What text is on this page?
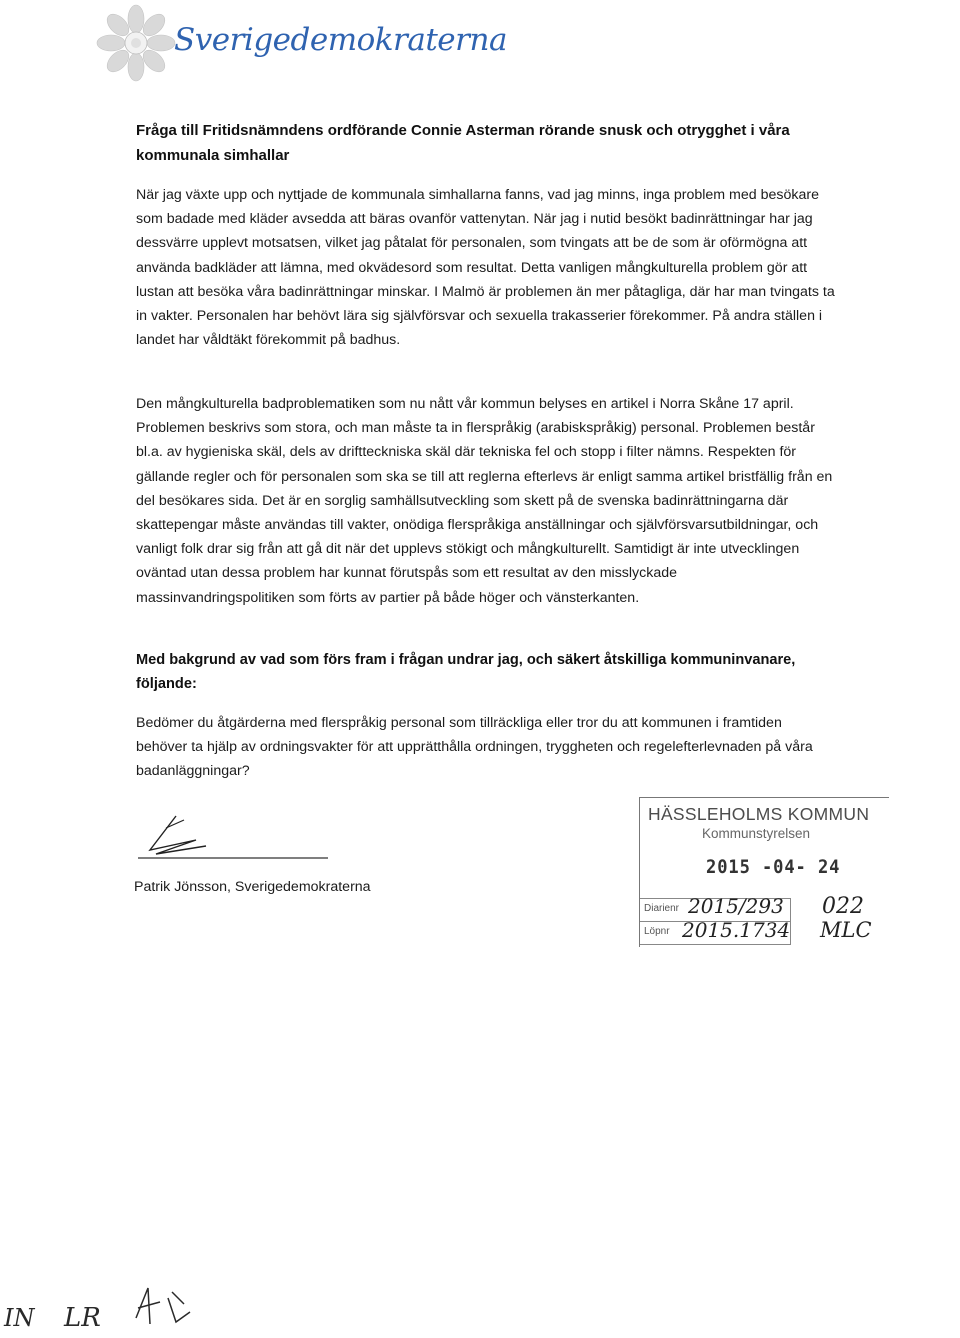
Sverigedemokraterna
Fråga till Fritidsnämndens ordförande Connie Asterman rörande snusk och otrygghet i våra kommunala simhallar

När jag växte upp och nyttjade de kommunala simhallarna fanns, vad jag minns, inga problem med besökare som badade med kläder avsedda att bäras ovanför vattenytan. När jag i nutid besökt badinrättningar har jag dessvärre upplevt motsatsen, vilket jag påtalat för personalen, som tvingats att be de som är oförmögna att använda badkläder att lämna, med okvädesord som resultat. Detta vanligen mångkulturella problem gör att lustan att besöka våra badinrättningar minskar. I Malmö är problemen än mer påtagliga, där har man tvingats ta in vakter. Personalen har behövt lära sig självförsvar och sexuella trakasserier förekommer. På andra ställen i landet har våldtäkt förekommit på badhus.

Den mångkulturella badproblematiken som nu nått vår kommun belyses en artikel i Norra Skåne 17 april. Problemen beskrivs som stora, och man måste ta in flerspråkig (arabiskspråkig) personal. Problemen består bl.a. av hygieniska skäl, dels av driftteckniska skäl där tekniska fel och stopp i filter nämns. Respekten för gällande regler och för personalen som ska se till att reglerna efterlevs är enligt samma artikel bristfällig från en del besökares sida. Det är en sorglig samhällsutveckling som skett på de svenska badinrättningarna där skattepengar måste användas till vakter, onödiga flerspråkiga anställningar och självförsvarsutbildningar, och vanligt folk drar sig från att gå dit när det upplevs stökigt och mångkulturellt. Samtidigt är inte utvecklingen oväntad utan dessa problem har kunnat förutspås som ett resultat av den misslyckade massinvandringspolitiken som förts av partier på både höger och vänsterkanten.

Med bakgrund av vad som förs fram i frågan undrar jag, och säkert åtskilliga kommuninvanare, följande:

Bedömer du åtgärderna med flerspråkig personal som tillräckliga eller tror du att kommunen i framtiden behöver ta hjälp av ordningsvakter för att upprätthålla ordningen, tryggheten och regelefterlevnaden på våra badanläggningar?

Patrik Jönsson, Sverigedemokraterna
HÄSSLEHOLMS KOMMUN
Kommunstyrelsen
2015 -04- 24
Diarienr
Löpnr
2015/293
2015.1734
022
MLC
IN LR
